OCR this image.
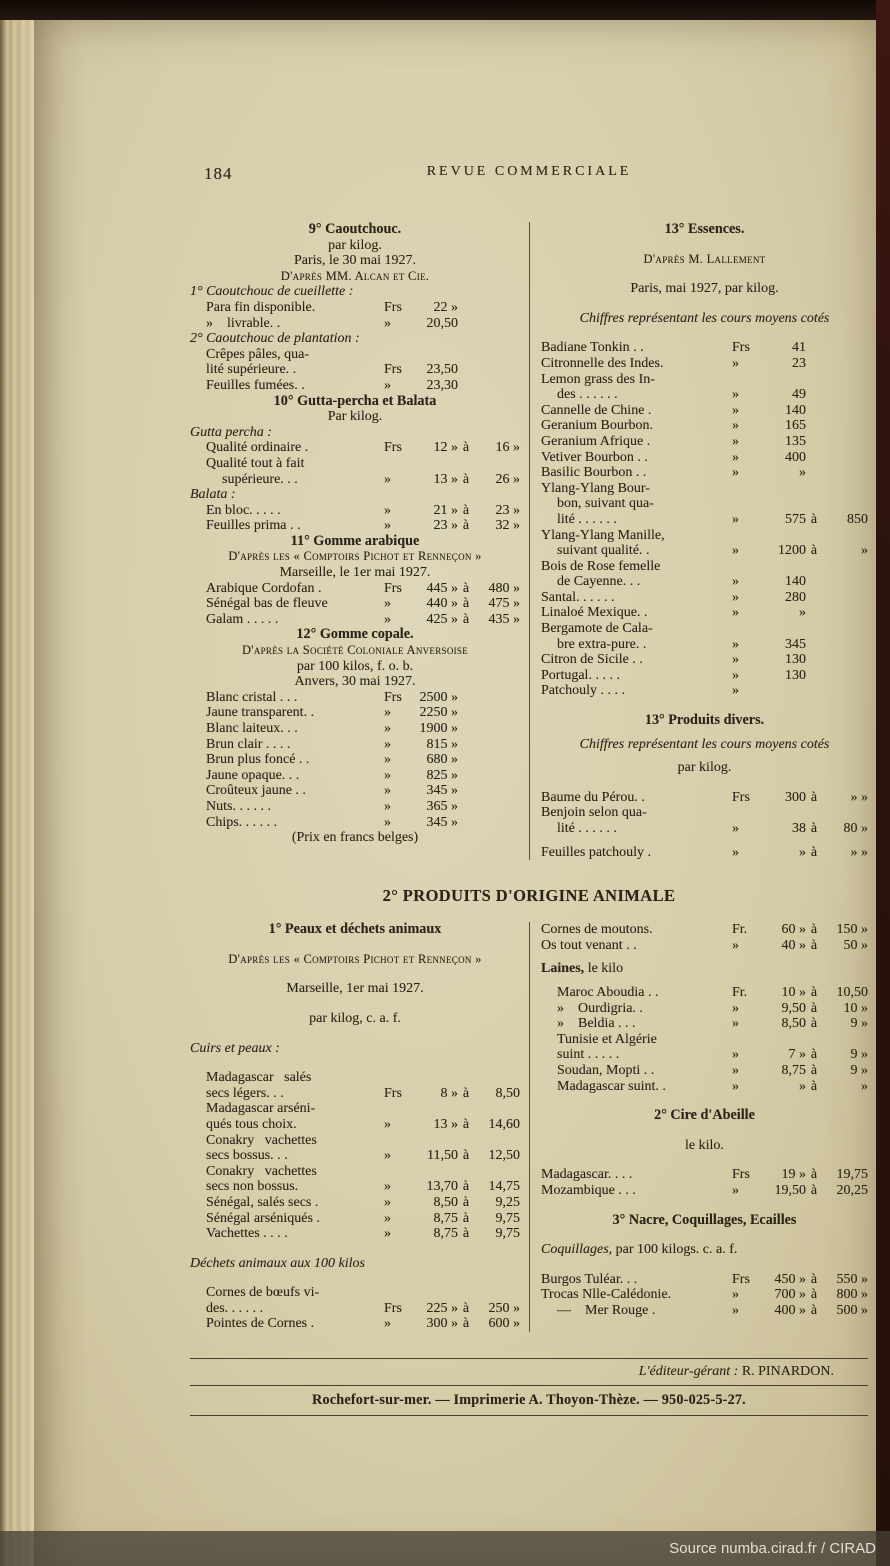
184	REVUE COMMERCIALE
9° Caoutchouc.
par kilog.
Paris, le 30 mai 1927.
D'après MM. Alcan et Cie.
1° Caoutchouc de cueillette :
Para fin disponible.	Frs	22 »
»    livrable. .	»	20,50
2° Caoutchouc de plantation :
Crêpes pâles, qua-
lité supérieure. .	Frs	23,50
Feuilles fumées. .	»	23,30
10° Gutta-percha et Balata
Par kilog.
Gutta percha :
Qualité ordinaire .	Frs	12 » à	16 »
Qualité tout à fait
supérieure. . .	»	13 » à	26 »
Balata :
En bloc. . . . .	»	21 » à	23 »
Feuilles prima . .	»	23 » à	32 »
11° Gomme arabique
D'après les « Comptoirs Pichot et Renneçon »
Marseille, le 1er mai 1927.
Arabique Cordofan .	Frs	445 » à	480 »
Sénégal bas de fleuve	»	440 » à	475 »
Galam . . . . .	»	425 » à	435 »
12° Gomme copale.
D'après la Société Coloniale Anversoise
par 100 kilos, f. o. b.
Anvers, 30 mai 1927.
Blanc cristal . . .	Frs	2500 »
Jaune transparent. .	»	2250 »
Blanc laiteux. . .	»	1900 »
Brun clair . . . .	»	815 »
Brun plus foncé . .	»	680 »
Jaune opaque. . .	»	825 »
Croûteux jaune . .	»	345 »
Nuts. . . . . .	»	365 »
Chips. . . . . .	»	345 »
(Prix en francs belges)
13° Essences.
D'après M. Lallement
Paris, mai 1927, par kilog.
Chiffres représentant les cours moyens cotés
Badiane Tonkin . .	Frs	41
Citronnelle des Indes.	»	23
Lemon grass des In-
des . . . . . .	»	49
Cannelle de Chine .	»	140
Geranium Bourbon.	»	165
Geranium Afrique .	»	135
Vetiver Bourbon . .	»	400
Basilic Bourbon . .	»	»
Ylang-Ylang Bour-
bon, suivant qua-
lité . . . . . .	»	575 à	850
Ylang-Ylang Manille,
suivant qualité. .	»	1200 à	»
Bois de Rose femelle
de Cayenne. . .	»	140
Santal. . . . . .	»	280
Linaloé Mexique. .	»	»
Bergamote de Cala-
bre extra-pure. .	»	345
Citron de Sicile . .	»	130
Portugal. . . . .	»	130
Patchouly . . . .	»
13° Produits divers.
Chiffres représentant les cours moyens cotés
par kilog.
Baume du Pérou. .	Frs	300 à	» »
Benjoin selon qua-
lité . . . . . .	»	38 à	80 »
Feuilles patchouly .	»	» à	» »
2° PRODUITS D'ORIGINE ANIMALE
1° Peaux et déchets animaux
D'après les « Comptoirs Pichot et Renneçon »
Marseille, 1er mai 1927.
par kilog, c. a. f.
Cuirs et peaux :
Madagascar   salés
secs légers. . .	Frs	8 » à	8,50
Madagascar arséni-
qués tous choix.	»	13 » à	14,60
Conakry   vachettes
secs bossus. . .	»	11,50 à	12,50
Conakry   vachettes
secs non bossus.	»	13,70 à	14,75
Sénégal, salés secs .	»	8,50 à	9,25
Sénégal arséniqués .	»	8,75 à	9,75
Vachettes . . . .	»	8,75 à	9,75
Déchets animaux aux 100 kilos
Cornes de bœufs vi-
des. . . . . .	Frs	225 » à	250 »
Pointes de Cornes .	»	300 » à	600 »
Cornes de moutons.	Fr.	60 » à	150 »
Os tout venant . .	»	40 » à	50 »
Laines, le kilo
Maroc Aboudia . .	Fr.	10 » à	10,50
»    Ourdigria. .	»	9,50 à	10 »
»    Beldia . . .	»	8,50 à	9 »
Tunisie et Algérie
suint . . . . .	»	7 » à	9 »
Soudan, Mopti . .	»	8,75 à	9 »
Madagascar suint. .	»	» à	»
2° Cire d'Abeille
le kilo.
Madagascar. . . .	Frs	19 » à	19,75
Mozambique . . .	»	19,50 à	20,25
3° Nacre, Coquillages, Ecailles
Coquillages, par 100 kilogs. c. a. f.
Burgos Tuléar. . .	Frs	450 » à	550 »
Trocas Nlle-Calédonie.	»	700 » à	800 »
—    Mer Rouge .	»	400 » à	500 »
L'éditeur-gérant : R. PINARDON.
Rochefort-sur-mer. — Imprimerie A. Thoyon-Thèze. — 950-025-5-27.
Source numba.cirad.fr / CIRAD
